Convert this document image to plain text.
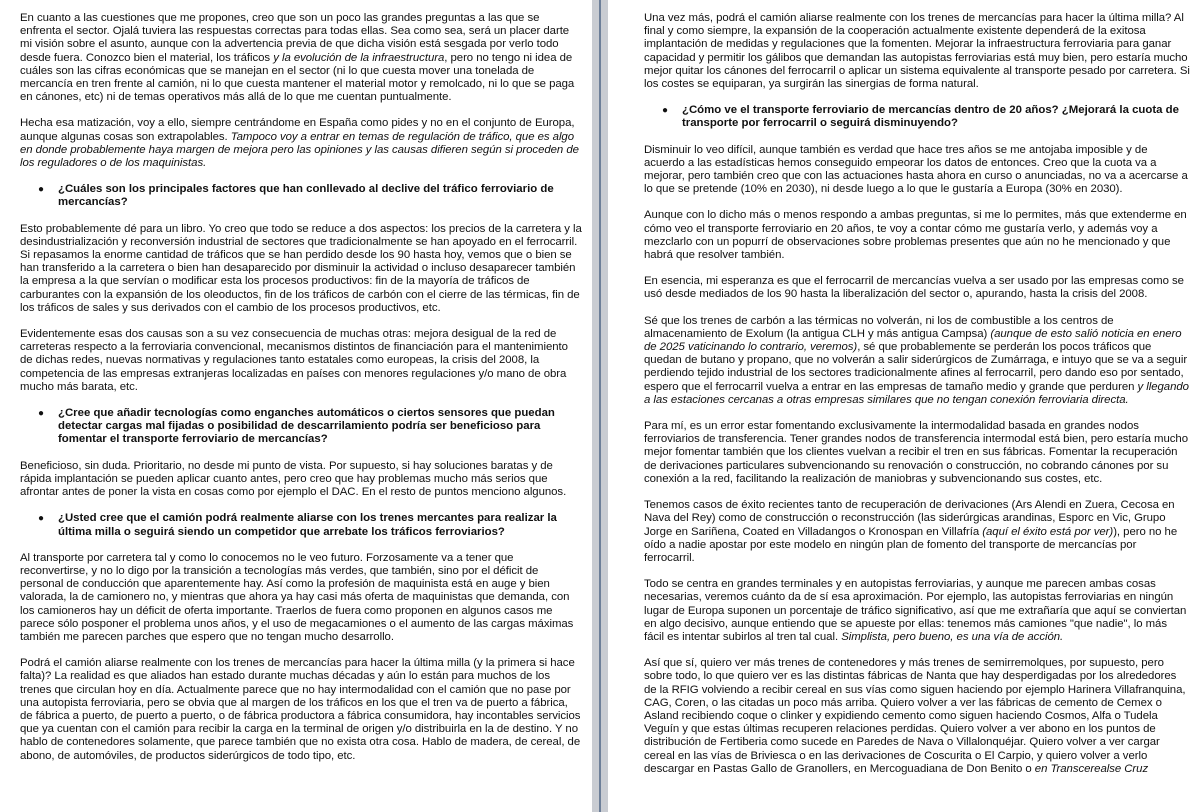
En cuanto a las cuestiones que me propones, creo que son un poco las grandes preguntas a las que se enfrenta el sector. Ojalá tuviera las respuestas correctas para todas ellas. Sea como sea, será un placer darte mi visión sobre el asunto, aunque con la advertencia previa de que dicha visión está sesgada por verlo todo desde fuera. Conozco bien el material, los tráficos y la evolución de la infraestructura, pero no tengo ni idea de cuáles son las cifras económicas que se manejan en el sector (ni lo que cuesta mover una tonelada de mercancía en tren frente al camión, ni lo que cuesta mantener el material motor y remolcado, ni lo que se paga en cánones, etc) ni de temas operativos más allá de lo que me cuentan puntualmente.

Hecha esa matización, voy a ello, siempre centrándome en España como pides y no en el conjunto de Europa, aunque algunas cosas son extrapolables. Tampoco voy a entrar en temas de regulación de tráfico, que es algo en donde probablemente haya margen de mejora pero las opiniones y las causas difieren según si proceden de los reguladores o de los maquinistas.

●	¿Cuáles son los principales factores que han conllevado al declive del tráfico ferroviario de mercancías?

Esto probablemente dé para un libro. Yo creo que todo se reduce a dos aspectos: los precios de la carretera y la desindustrialización y reconversión industrial de sectores que tradicionalmente se han apoyado en el ferrocarril. Si repasamos la enorme cantidad de tráficos que se han perdido desde los 90 hasta hoy, vemos que o bien se han transferido a la carretera o bien han desaparecido por disminuir la actividad o incluso desaparecer también la empresa a la que servían o modificar esta los procesos productivos: fin de la mayoría de tráficos de carburantes con la expansión de los oleoductos, fin de los tráficos de carbón con el cierre de las térmicas, fin de los tráficos de sales y sus derivados con el cambio de los procesos productivos, etc.

Evidentemente esas dos causas son a su vez consecuencia de muchas otras: mejora desigual de la red de carreteras respecto a la ferroviaria convencional, mecanismos distintos de financiación para el mantenimiento de dichas redes, nuevas normativas y regulaciones tanto estatales como europeas, la crisis del 2008, la competencia de las empresas extranjeras localizadas en países con menores regulaciones y/o mano de obra mucho más barata, etc.

●	¿Cree que añadir tecnologías como enganches automáticos o ciertos sensores que puedan detectar cargas mal fijadas o posibilidad de descarrilamiento podría ser beneficioso para fomentar el transporte ferroviario de mercancías?

Beneficioso, sin duda. Prioritario, no desde mi punto de vista. Por supuesto, si hay soluciones baratas y de rápida implantación se pueden aplicar cuanto antes, pero creo que hay problemas mucho más serios que afrontar antes de poner la vista en cosas como por ejemplo el DAC. En el resto de puntos menciono algunos.

●	¿Usted cree que el camión podrá realmente aliarse con los trenes mercantes para realizar la última milla o seguirá siendo un competidor que arrebate los tráficos ferroviarios?

Al transporte por carretera tal y como lo conocemos no le veo futuro. Forzosamente va a tener que reconvertirse, y no lo digo por la transición a tecnologías más verdes, que también, sino por el déficit de personal de conducción que aparentemente hay. Así como la profesión de maquinista está en auge y bien valorada, la de camionero no, y mientras que ahora ya hay casi más oferta de maquinistas que demanda, con los camioneros hay un déficit de oferta importante. Traerlos de fuera como proponen en algunos casos me parece sólo posponer el problema unos años, y el uso de megacamiones o el aumento de las cargas máximas también me parecen parches que espero que no tengan mucho desarrollo.

Podrá el camión aliarse realmente con los trenes de mercancías para hacer la última milla (y la primera si hace falta)? La realidad es que aliados han estado durante muchas décadas y aún lo están para muchos de los trenes que circulan hoy en día. Actualmente parece que no hay intermodalidad con el camión que no pase por una autopista ferroviaria, pero se obvia que al margen de los tráficos en los que el tren va de puerto a fábrica, de fábrica a puerto, de puerto a puerto, o de fábrica productora a fábrica consumidora, hay incontables servicios que ya cuentan con el camión para recibir la carga en la terminal de origen y/o distribuirla en la de destino. Y no hablo de contenedores solamente, que parece también que no exista otra cosa. Hablo de madera, de cereal, de abono, de automóviles, de productos siderúrgicos de todo tipo, etc.

Una vez más, podrá el camión aliarse realmente con los trenes de mercancías para hacer la última milla? Al final y como siempre, la expansión de la cooperación actualmente existente dependerá de la exitosa implantación de medidas y regulaciones que la fomenten. Mejorar la infraestructura ferroviaria para ganar capacidad y permitir los gálibos que demandan las autopistas ferroviarias está muy bien, pero estaría mucho mejor quitar los cánones del ferrocarril o aplicar un sistema equivalente al transporte pesado por carretera. Si los costes se equiparan, ya surgirán las sinergias de forma natural.

●	¿Cómo ve el transporte ferroviario de mercancías dentro de 20 años? ¿Mejorará la cuota de transporte por ferrocarril o seguirá disminuyendo?

Disminuir lo veo difícil, aunque también es verdad que hace tres años se me antojaba imposible y de acuerdo a las estadísticas hemos conseguido empeorar los datos de entonces. Creo que la cuota va a mejorar, pero también creo que con las actuaciones hasta ahora en curso o anunciadas, no va a acercarse a lo que se pretende (10% en 2030), ni desde luego a lo que le gustaría a Europa (30% en 2030).

Aunque con lo dicho más o menos respondo a ambas preguntas, si me lo permites, más que extenderme en cómo veo el transporte ferroviario en 20 años, te voy a contar cómo me gustaría verlo, y además voy a mezclarlo con un popurrí de observaciones sobre problemas presentes que aún no he mencionado y que habrá que resolver también.

En esencia, mi esperanza es que el ferrocarril de mercancías vuelva a ser usado por las empresas como se usó desde mediados de los 90 hasta la liberalización del sector o, apurando, hasta la crisis del 2008.

Sé que los trenes de carbón a las térmicas no volverán, ni los de combustible a los centros de almacenamiento de Exolum (la antigua CLH y más antigua Campsa) (aunque de esto salió noticia en enero de 2025 vaticinando lo contrario, veremos), sé que probablemente se perderán los pocos tráficos que quedan de butano y propano, que no volverán a salir siderúrgicos de Zumárraga, e intuyo que se va a seguir perdiendo tejido industrial de los sectores tradicionalmente afines al ferrocarril, pero dando eso por sentado, espero que el ferrocarril vuelva a entrar en las empresas de tamaño medio y grande que perduren y llegando a las estaciones cercanas a otras empresas similares que no tengan conexión ferroviaria directa.

Para mí, es un error estar fomentando exclusivamente la intermodalidad basada en grandes nodos ferroviarios de transferencia. Tener grandes nodos de transferencia intermodal está bien, pero estaría mucho mejor fomentar también que los clientes vuelvan a recibir el tren en sus fábricas. Fomentar la recuperación de derivaciones particulares subvencionando su renovación o construcción, no cobrando cánones por su conexión a la red, facilitando la realización de maniobras y subvencionando sus costes, etc.

Tenemos casos de éxito recientes tanto de recuperación de derivaciones (Ars Alendi en Zuera, Cecosa en Nava del Rey) como de construcción o reconstrucción (las siderúrgicas arandinas, Esporc en Vic, Grupo Jorge en Sariñena, Coated en Villadangos o Kronospan en Villafría (aquí el éxito está por ver)), pero no he oído a nadie apostar por este modelo en ningún plan de fomento del transporte de mercancías por ferrocarril.

Todo se centra en grandes terminales y en autopistas ferroviarias, y aunque me parecen ambas cosas necesarias, veremos cuánto da de sí esa aproximación. Por ejemplo, las autopistas ferroviarias en ningún lugar de Europa suponen un porcentaje de tráfico significativo, así que me extrañaría que aquí se conviertan en algo decisivo, aunque entiendo que se apueste por ellas: tenemos más camiones "que nadie", lo más fácil es intentar subirlos al tren tal cual. Simplista, pero bueno, es una vía de acción.

Así que sí, quiero ver más trenes de contenedores y más trenes de semirremolques, por supuesto, pero sobre todo, lo que quiero ver es las distintas fábricas de Nanta que hay desperdigadas por los alrededores de la RFIG volviendo a recibir cereal en sus vías como siguen haciendo por ejemplo Harinera Villafranquina, CAG, Coren, o las citadas un poco más arriba. Quiero volver a ver las fábricas de cemento de Cemex o Asland recibiendo coque o clinker y expidiendo cemento como siguen haciendo Cosmos, Alfa o Tudela Veguín y que estas últimas recuperen relaciones perdidas. Quiero volver a ver abono en los puntos de distribución de Fertiberia como sucede en Paredes de Nava o Villalonquéjar. Quiero volver a ver cargar cereal en las vías de Briviesca o en las derivaciones de Coscurita o El Carpio, y quiero volver a verlo descargar en Pastas Gallo de Granollers, en Mercoguadiana de Don Benito o en Transcerealse Cruz
